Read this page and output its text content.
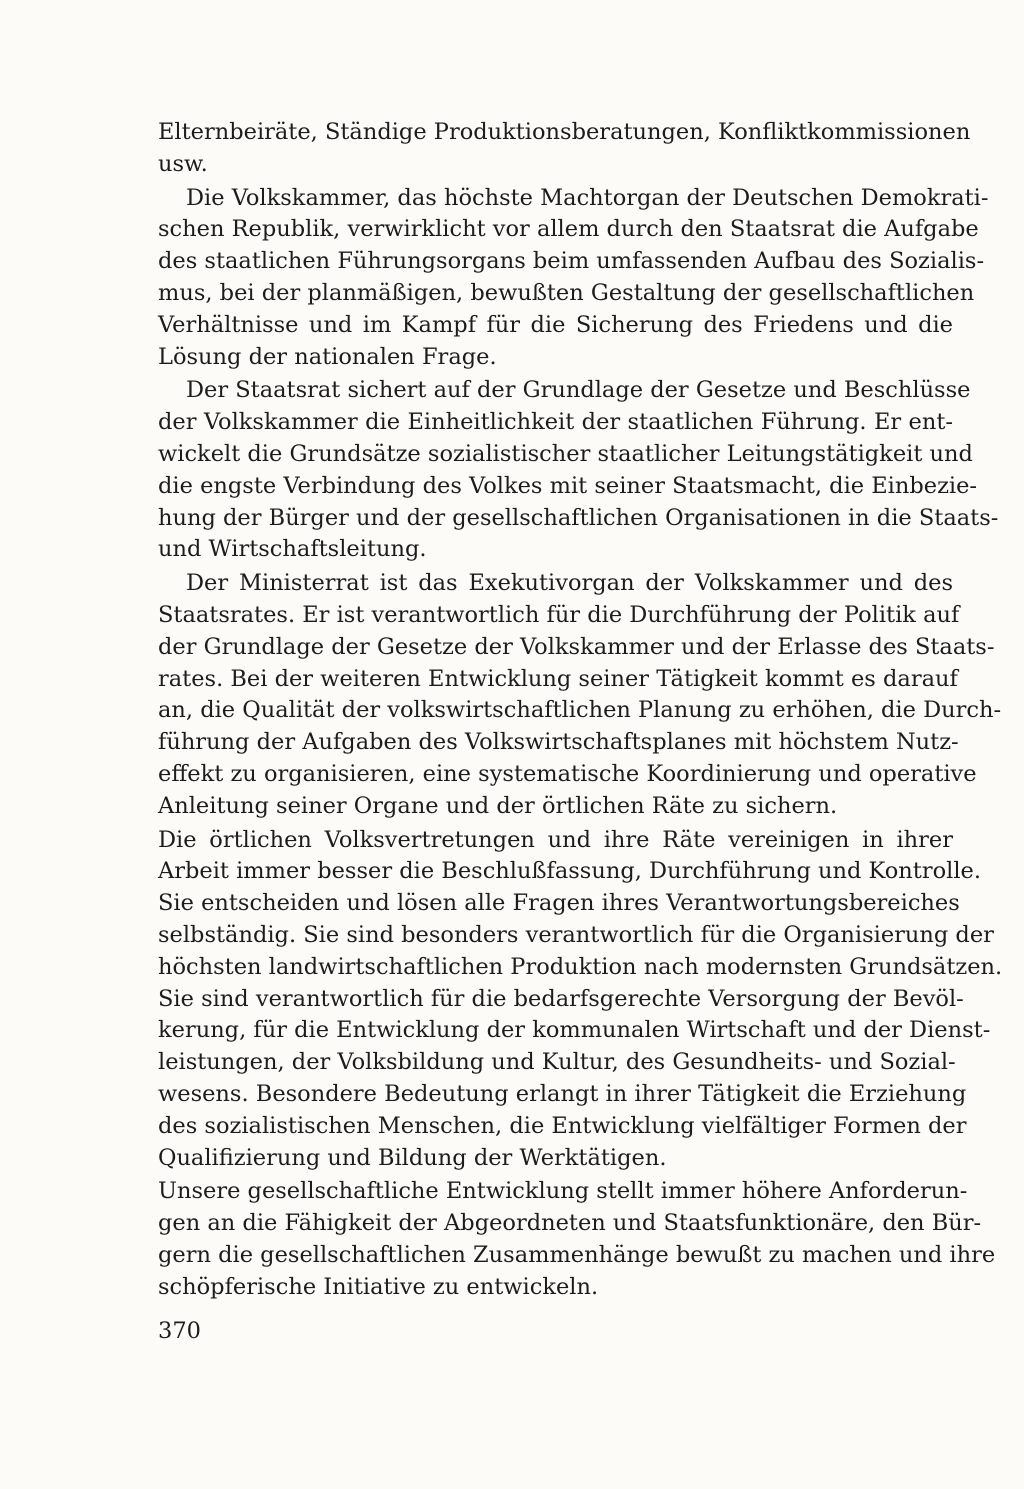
Elternbeiräte, Ständige Produktionsberatungen, Konfliktkommissionen
usw.
Die Volkskammer, das höchste Machtorgan der Deutschen Demokrati-
schen Republik, verwirklicht vor allem durch den Staatsrat die Aufgabe
des staatlichen Führungsorgans beim umfassenden Aufbau des Sozialis-
mus, bei der planmäßigen, bewußten Gestaltung der gesellschaftlichen
Verhältnisse und im Kampf für die Sicherung des Friedens und die
Lösung der nationalen Frage.
Der Staatsrat sichert auf der Grundlage der Gesetze und Beschlüsse
der Volkskammer die Einheitlichkeit der staatlichen Führung. Er ent-
wickelt die Grundsätze sozialistischer staatlicher Leitungstätigkeit und
die engste Verbindung des Volkes mit seiner Staatsmacht, die Einbezie-
hung der Bürger und der gesellschaftlichen Organisationen in die Staats-
und Wirtschaftsleitung.
Der Ministerrat ist das Exekutivorgan der Volkskammer und des
Staatsrates. Er ist verantwortlich für die Durchführung der Politik auf
der Grundlage der Gesetze der Volkskammer und der Erlasse des Staats-
rates. Bei der weiteren Entwicklung seiner Tätigkeit kommt es darauf
an, die Qualität der volkswirtschaftlichen Planung zu erhöhen, die Durch-
führung der Aufgaben des Volkswirtschaftsplanes mit höchstem Nutz-
effekt zu organisieren, eine systematische Koordinierung und operative
Anleitung seiner Organe und der örtlichen Räte zu sichern.
Die örtlichen Volksvertretungen und ihre Räte vereinigen in ihrer
Arbeit immer besser die Beschlußfassung, Durchführung und Kontrolle.
Sie entscheiden und lösen alle Fragen ihres Verantwortungsbereiches
selbständig. Sie sind besonders verantwortlich für die Organisierung der
höchsten landwirtschaftlichen Produktion nach modernsten Grundsätzen.
Sie sind verantwortlich für die bedarfsgerechte Versorgung der Bevöl-
kerung, für die Entwicklung der kommunalen Wirtschaft und der Dienst-
leistungen, der Volksbildung und Kultur, des Gesundheits- und Sozial-
wesens. Besondere Bedeutung erlangt in ihrer Tätigkeit die Erziehung
des sozialistischen Menschen, die Entwicklung vielfältiger Formen der
Qualifizierung und Bildung der Werktätigen.
Unsere gesellschaftliche Entwicklung stellt immer höhere Anforderun-
gen an die Fähigkeit der Abgeordneten und Staatsfunktionäre, den Bür-
gern die gesellschaftlichen Zusammenhänge bewußt zu machen und ihre
schöpferische Initiative zu entwickeln.
370
